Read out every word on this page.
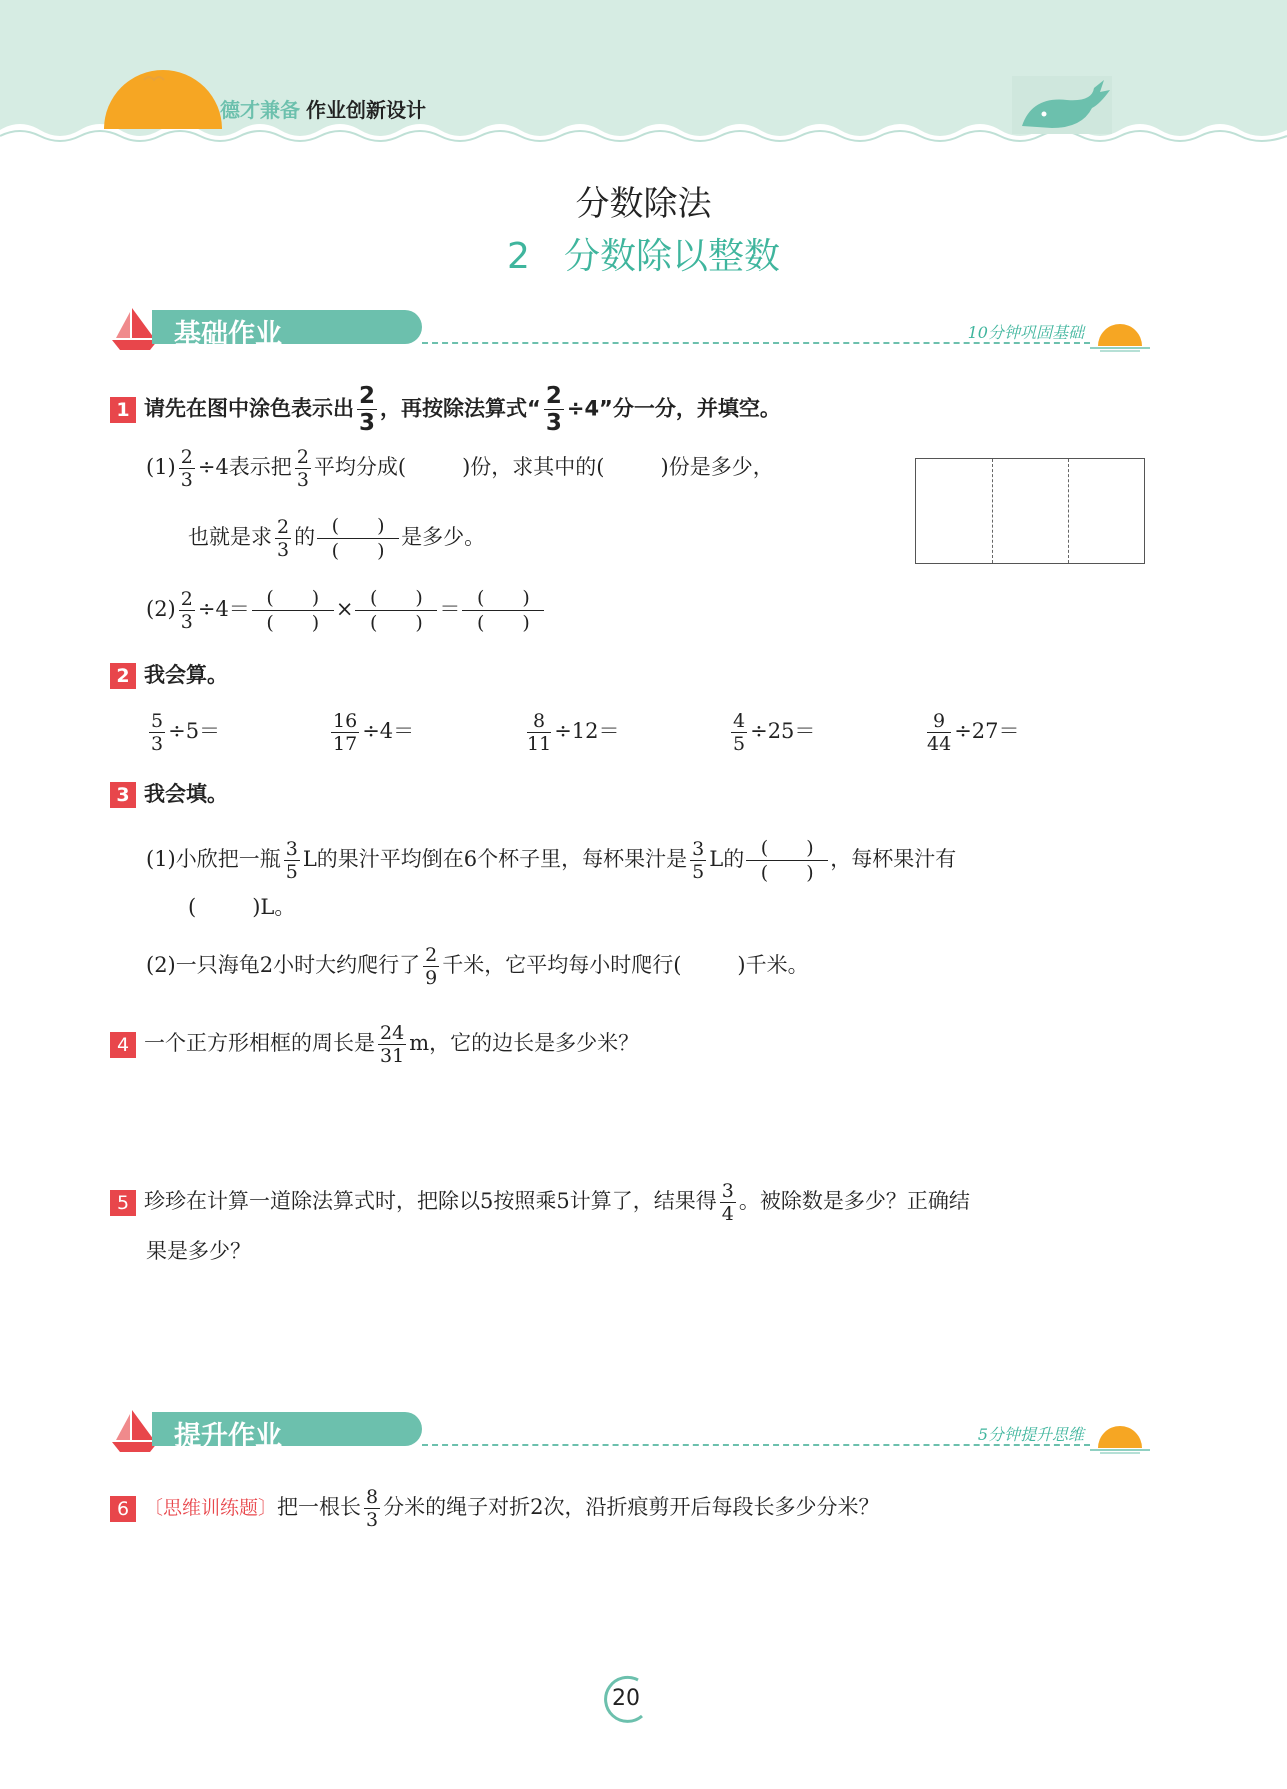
德才兼备 作业创新设计
分数除法
2 分数除以整数
基础作业	10分钟巩固基础
1 请先在图中涂色表示出 $\frac{2}{3}$ ，再按除法算式“ $\frac{2}{3} \div 4$”分一分，并填空。
$(1) \frac{2}{3} \div 4$表示把 $\frac{2}{3}$ 平均分成(	)份，求其中的(	)份是多少，
也就是求 $\frac{2}{3}$ 的 (　　)
(　　)
是多少。
$(2) \frac{2}{3} \div 4=$ (　　)
(　　)
× (　　)
(　　)
＝ (　　)
(　　)
2 我会算。
$\frac{5}{3} \div 5=$	$\frac{16}{17} \div 4=$	$\frac{8}{11} \div 12=$	$\frac{4}{5} \div 25=$	$\frac{9}{44} \div 27=$
3 我会填。
(1)小欣把一瓶 $\frac{3}{5}$ L的果汁平均倒在6个杯子里，每杯果汁是 $\frac{3}{5}$ L的 (　　)
(　　)
，每杯果汁有
(	)L。
(2)一只海龟2小时大约爬行了 $\frac{2}{9}$ 千米，它平均每小时爬行(	)千米。
4 一个正方形相框的周长是 $\frac{24}{31}$ m，它的边长是多少米？
5 珍珍在计算一道除法算式时，把除以5按照乘5计算了，结果得 $\frac{3}{4}$ 。被除数是多少？正确结
果是多少？
提升作业	5分钟提升思维
6 〔思维训练题〕把一根长 $\frac{8}{3}$ 分米的绳子对折2次，沿折痕剪开后每段长多少分米？
20
